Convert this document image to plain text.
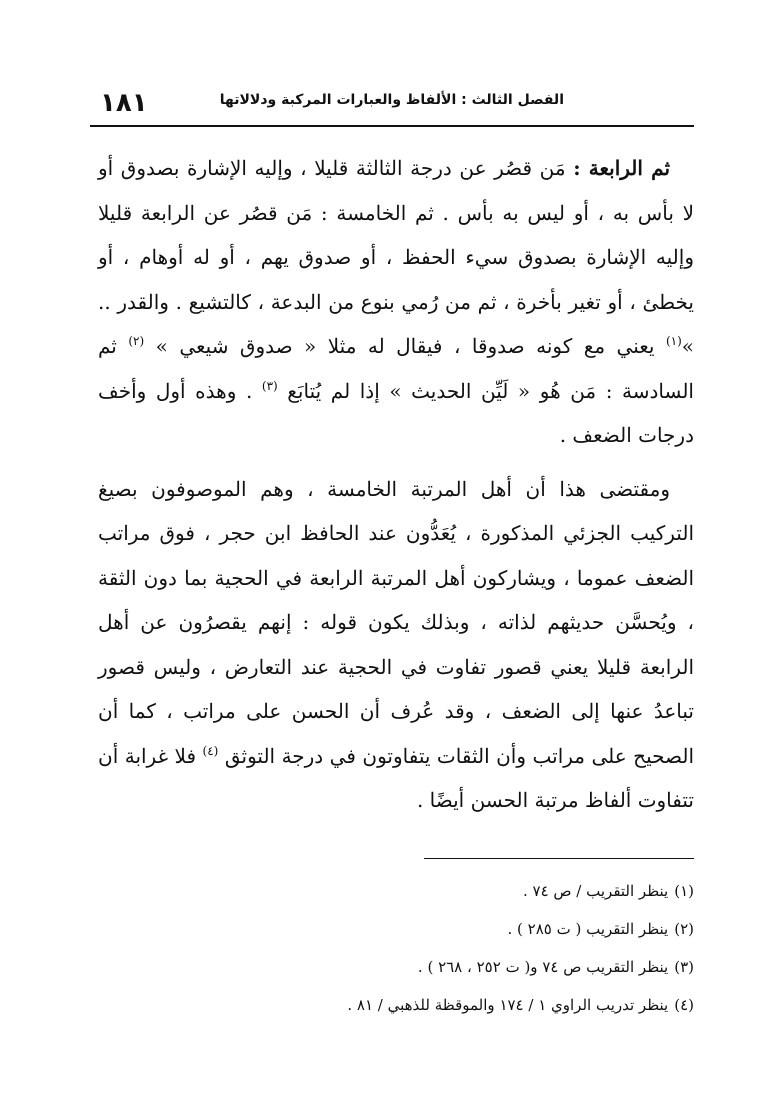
١٨١	الفصل الثالث : الألفاظ والعبارات المركبة ودلالاتها

ثم الرابعة : مَن قصُر عن درجة الثالثة قليلا ، وإليه الإشارة بصدوق أو لا بأس به ، أو ليس به بأس . ثم الخامسة : مَن قصُر عن الرابعة قليلا وإليه الإشارة بصدوق سيء الحفظ ، أو صدوق يهم ، أو له أوهام ، أو يخطئ ، أو تغير بأخرة ، ثم من رُمي بنوع من البدعة ، كالتشيع . والقدر .. »$^{(١)}$ يعني مع كونه صدوقا ، فيقال له مثلا « صدوق شيعي » $^{(٢)}$ ثم السادسة : مَن هُو « لَيِّن الحديث » إذا لم يُتابَع $^{(٣)}$ . وهذه أول وأخف درجات الضعف .

ومقتضى هذا أن أهل المرتبة الخامسة ، وهم الموصوفون بصيغ التركيب الجزئي المذكورة ، يُعَدُّون عند الحافظ ابن حجر ، فوق مراتب الضعف عموما ، ويشاركون أهل المرتبة الرابعة في الحجية بما دون الثقة ، ويُحسَّن حديثهم لذاته ، وبذلك يكون قوله : إنهم يقصرُون عن أهل الرابعة قليلا يعني قصور تفاوت في الحجية عند التعارض ، وليس قصور تباعدُ عنها إلى الضعف ، وقد عُرف أن الحسن على مراتب ، كما أن الصحيح على مراتب وأن الثقات يتفاوتون في درجة التوثق $^{(٤)}$ فلا غرابة أن تتفاوت ألفاظ مرتبة الحسن أيضًا .

(١)ينظر التقريب / ص ٧٤ .
(٢)ينظر التقريب ( ت ٢٨٥ ) .
(٣)ينظر التقريب ص ٧٤ و( ت ٢٥٢ ، ٢٦٨ ) .
(٤)ينظر تدريب الراوي ١ / ١٧٤ والموقظة للذهبي / ٨١ .
